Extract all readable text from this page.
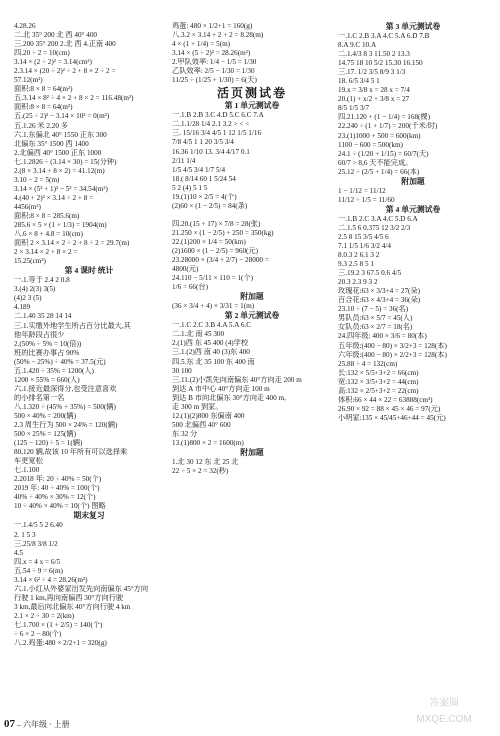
4.28.26
二.北 35° 200 北 西 40° 400
三.200 35° 200 2.北 西 4.正南 400
四.20 ÷ 2 = 10(cm)
3.14 × (2 ÷ 2)² = 3.14(cm²)
2.3.14 × (20 ÷ 2)² ÷ 2 + 8 × 2 ÷ 2 =
57.12(m²)
面积:8 × 8 = 64(m²)
五.3.14 × 8² ÷ 4 × 2 + 8 × 2 = 116.48(m²)
面积:8 × 8 = 64(m²)
五.(25 ÷ 2)² − 3.14 × 10² = 0(m²)
五.1.26 米 2.20 多
六.1.东偏北 40° 1550 正东 300
北偏东 35° 1500 西 1400
2.北偏西 40° 1500 正东 1000
七.1.2826 ÷ (3.14 × 30) = 15(分钟)
2.(8 × 3.14 + 8 × 2) = 41.12(m)
3.10 − 2 = 5(m)
3.14 × (5² + 1)² − 5² = 34.54(m²)
4.(40 + 2)² × 3.14 ÷ 2 + 8 =
4456(m²)
面积:8 × 8 = 285.6(m)
285.6 × 5 × (1 + 1/3) = 1904(m)
八.6 × 8 + 4.8 = 10(cm)
面积 2 × 3.14 × 2 ÷ 2 + 8 ÷ 2 = 29.7(m)
2 × 3.14 × 2 + 8 × 2 =
15.25(cm²)
第 4 课时 统计
一.1.等于 2.4 2 0.8
3.(4) 2(3) 3(5)
(4)2 3 (5)
4.189
二.1.40 35 28 14 14
三.1.实缴外地学生所占百分比最大,其
他年龄段占很少
2.(50% ÷ 5% = 10(倍))
班的比赛办事占 90%
(50% − 25%) ÷ 40% = 37.5(元)
五.1.420 ÷ 35% = 1200(人)
1200 × 55% = 660(人)
六.1.接近最深得分,也受注意喜欢
的小排名第一名
八.1.320 ÷ (45% + 35%) = 500(辆)
500 × 40% = 200(辆)
2.3 周生行为 500 × 24% = 120(辆)
500 × 25% = 125(辆)
(125 − 120) ÷ 5 = 1(辆)
80,120 辆,故该 10 年所有可以选择乘
车更宽松
七.1.100
2.2018 年: 20 ÷ 40% = 50(个)
2019 年: 40 ÷ 40% = 100(个)
40% ÷ 40% × 30% = 12(个)
10 ÷ 40% × 40% = 10(个) 图略
期末复习
一.1.4/5 5 2 6.40
2. 1 5 3
三.25/8 3/8 1/2
4.5
四.x = 4 x = 6/5
五.54 ÷ 9 = 6(m)
3.14 × 6² ÷ 4 = 28.26(m²)
六.1.小红从外婆家出发先向南偏东 45°方向
行驶 1 km,再向南偏西 30°方向行驶
3 km,最后向北偏东 40°方向行驶 4 km
2.1 × 2 ÷ 30 = 2(km)
七.1.700 × (1 + 2/5) = 140(个)
÷ 6 × 2 − 80(个)
八.2.鸡蛋:480 × 2/2+1 = 320(g)
鸡蛋: 480 × 1/2+1 = 160(g)
八.3.2 × 3.14 + 2 + 2 = 8.28(m)
4 × (1 + 1/4) = 5(m)
3.14 × (5 ÷ 2)² = 28.26(m²)
2.甲队效率: 1/4 − 1/5 = 1/30
乙队效率: 2/5 − 1/30 = 1/30
11/25 ÷ (1/25 + 1/30) = 6(天)
活页测试卷
第 1 单元测试卷
一.1.B 2.B 3.C 4.D 5.C 6.C 7.A
二.1.1/28 1/4 2.1 3.2 > < <
三. 15/16 3/4 4/5 1 12 1/5 1/16
7/8 4/5 1 1 20 3/5 3/4
16.36 1/10 13. 3/4 4/17 0.1
2/11 1/4
1/5 4/5 3/4 1/7 5/4
18.( 8/14 60 1 5/24 54
5 2 (4) 5 1 5
19.(1)10 × 2/5 = 4(个)
(2)60 × (1 − 2/5) = 84(条)
四.20.(15 + 17) × 7/8 = 28(张)
21.250 × (1 − 2/5) + 250 = 350(kg)
22.(1)200 × 1/4 = 50(km)
(2)1600 × (1 − 2/5) = 960(元)
23.28000 × (3/4 + 2/7) − 28000 =
4800(元)
24.110 − 5/11 × 110 = 1(个)
1/6 = 66(台)
附加题
(36 × 3/4 + 4) × 3/31 = 1(m)
第 2 单元测试卷
一.1.C 2.C 3.B 4.A 5.A 6.C
二.1.北 南 45 300
2.(1)西 东 45 400 (4)学校
三.1.(2)西 南 40 (3)东 400
四.5.东 北 35 100 东 400 南
30 100
三.11.(2)小凯先向南偏东 40°方向走 200 m
到达 A 市中心 40°方向走 100 m
到达 B 市向北偏东 30°方向走 400 m,
走 300 m 到家。
12.(1)(2)800 东偏南 400
500 北偏西 40° 600
东 32 分
13.(1)800 × 2 = 1600(m)
附加题
1.北 30 12 东 北 25 北
22 ÷ 5 × 2 = 32(秒)
第 3 单元测试卷
一.1.C 2.B 3.A 4.C 5.A 6.D 7.B
8.A 9.C 10.A
二.1.4/3 8 3 11.50 2 13.3
14.75 18 10 5/2 15.30 16.150
三.17. 1/2 3/5 8/9 3 1/3
18. 6/5 3/4 5 1
19.x = 3/8 x = 28 x = 7/4
20.(1) + x/2 + 3/8 x = 27
8/5 1/5 3/7
四.21.120 + (1 − 1/4) = 168(棵)
22.240 ÷ (1 + 1/7) = 200(千米/时)
23.(1)1000 + 500 = 600(km)
1100 − 600 = 500(km)
24.1 ÷ (1/20 + 1/15) = 60/7(天)
60/7 > 8,6 天不能完成。
25.12 ÷ (2/5 + 1/4) = 66(本)
附加题
1 − 1/12 = 11/12
11/12 ÷ 1/5 = 11/60
第 4 单元测试卷
一.1.B 2.C 3.A 4.C 5.D 6.A
二.1.5 6 0.375 12 3/2 2/3
2.5 8 15 3/5 4/5 6
7.1 1/5 1/6 3/2 4/4
8.0.3 2 6.1 3 2
9.3 2.5 8 5 1
三.19.2 3 67.5 0.6 4/5
20.3 2.3 9 3 2
玫瑰花:63 × 3/3+4 = 27(朵)
百合花:63 × 4/3+4 = 36(朵)
23.10 ÷ (7 − 5) = 36(名)
男队员:63 × 5/7 = 45(人)
女队员:63 × 2/7 = 18(名)
24.四年级: 400 × 3/6 = 80(本)
五年级:(400 − 80) × 3/2+3 = 128(本)
六年级:(400 − 80) × 2/2+3 = 128(本)
25.88 ÷ 4 = 132(cm)
长:132 × 5/5+3+2 = 66(cm)
宽:132 × 3/5+3+2 = 44(cm)
高:132 × 2/5+3+2 = 22(cm)
体积:66 × 44 × 22 = 63888(cm³)
26.90 × 92 = 88 × 45 × 46 = 97(元)
小明家:135 × 45/45+46+44 = 45(元)
07 – 六年级 · 上册
答案圈
MXQE.COM
